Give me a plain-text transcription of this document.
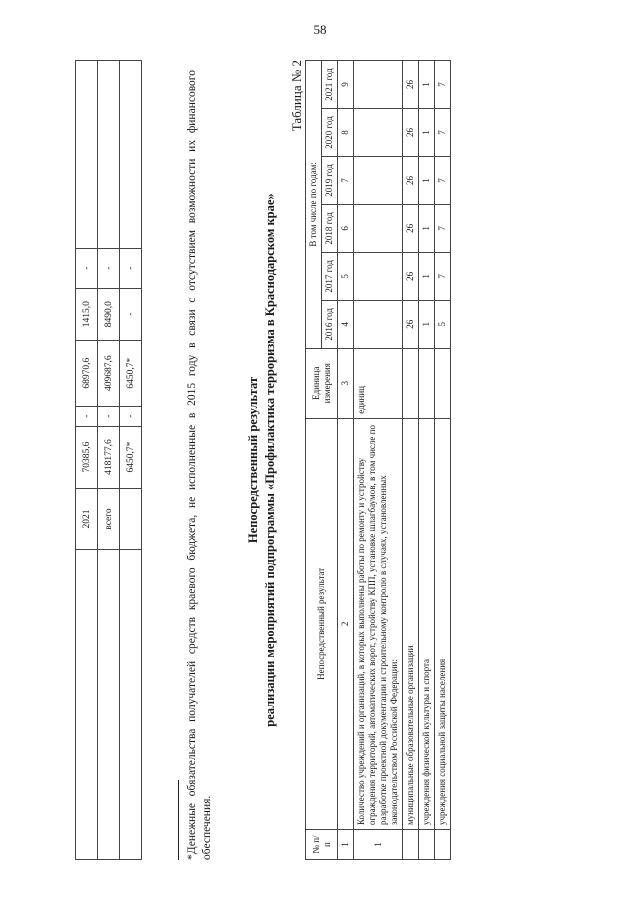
58
	2021	70385,6	-	68970,6	1415,0	-	
	всего	418177,6	-	409687,6	8490,0	-	
		6450,7*	-	6450,7*	-	-		*Денежные обязательства получателей средств краевого бюджета, не исполненные в 2015 году в связи с отсутствием возможности их финансового обеспечения.
Непосредственный результат реализации мероприятий подпрограммы «Профилактика терроризма в Краснодарском крае»
Таблица № 2
№ п/п	Непосредственный результат	Единица измерения	В том числе по годам:					
			2016 год	2017 год	2018 год	2019 год	2020 год	2021 год
1	2	3	4	5	6	7	8	9
1	Количество учреждений и организаций, в которых выполнены работы по ремонту и устройству ограждения территорий, автоматических ворот, устройству КПП, установке шлагбаумов, в том числе по разработке проектной документации и строительному контролю в случаях, установленных законодательством Российской Федерации:	единиц						
	муниципальные образовательные организации		26	26	26	26	26	26
	учреждения физической культуры и спорта		1	1	1	1	1	1
	учреждения социальной защиты населения		5	7	7	7	7	7
